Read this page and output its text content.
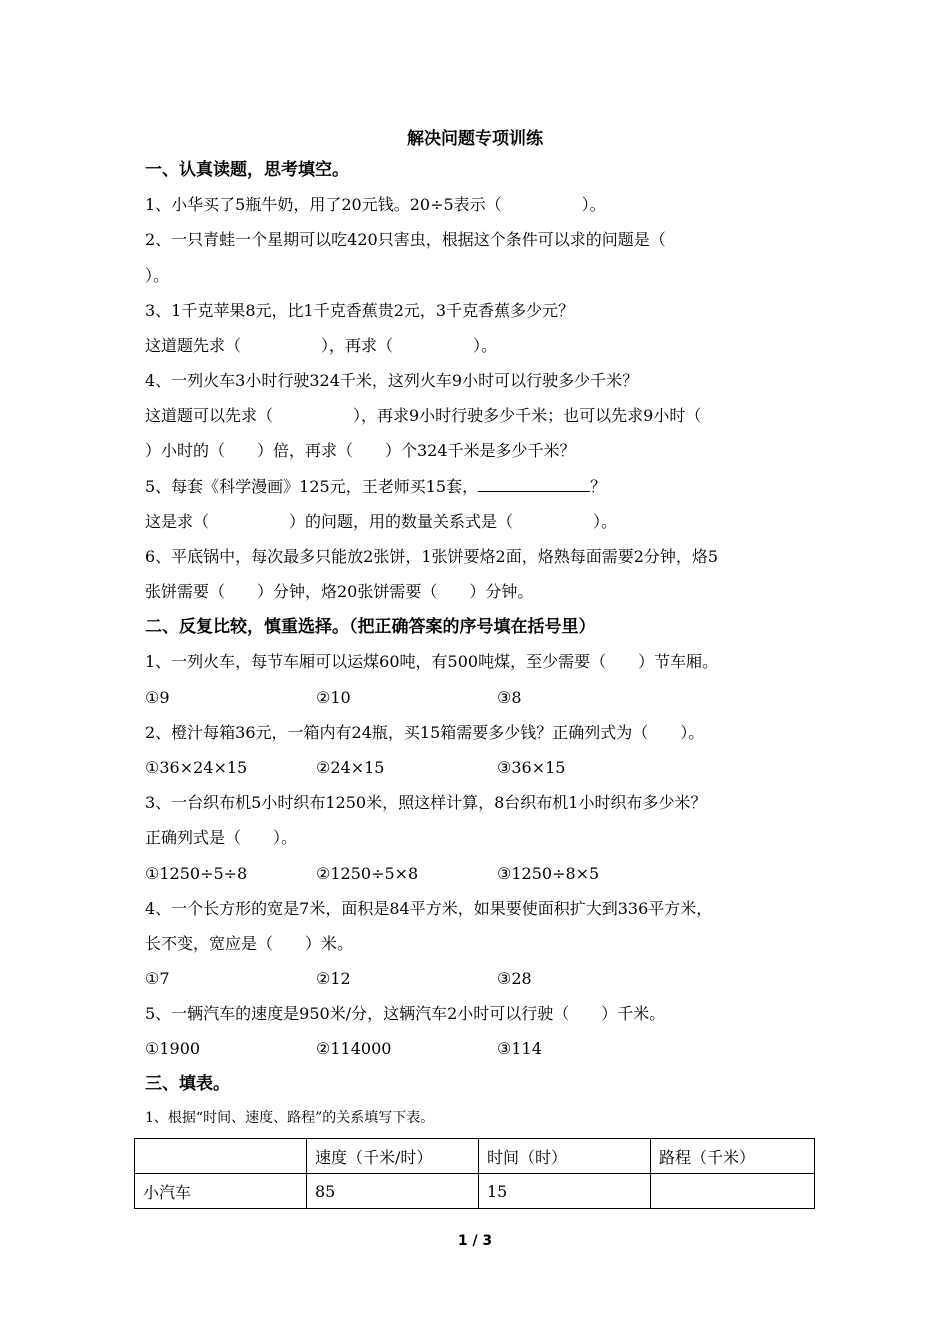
解决问题专项训练
一、认真读题，思考填空。
1、小华买了5瓶牛奶，用了20元钱。20÷5表示（　　　　　）。
2、一只青蛙一个星期可以吃420只害虫，根据这个条件可以求的问题是（
）。
3、1千克苹果8元，比1千克香蕉贵2元，3千克香蕉多少元？
这道题先求（　　　　　），再求（　　　　　）。
4、一列火车3小时行驶324千米，这列火车9小时可以行驶多少千米？
这道题可以先求（　　　　　），再求9小时行驶多少千米；也可以先求9小时（
）小时的（　　）倍，再求（　　）个324千米是多少千米？
5、每套《科学漫画》125元，王老师买15套，	？
这是求（　　　　　）的问题，用的数量关系式是（　　　　　）。
6、平底锅中，每次最多只能放2张饼，1张饼要烙2面，烙熟每面需要2分钟，烙5
张饼需要（　　）分钟，烙20张饼需要（　　）分钟。
二、反复比较，慎重选择。（把正确答案的序号填在括号里）
1、一列火车，每节车厢可以运煤60吨，有500吨煤，至少需要（　　）节车厢。
①9	②10	③8
2、橙汁每箱36元，一箱内有24瓶，买15箱需要多少钱？正确列式为（　　）。
①36×24×15	②24×15	③36×15
3、一台织布机5小时织布1250米，照这样计算，8台织布机1小时织布多少米？
正确列式是（　　）。
①1250÷5÷8	②1250÷5×8	③1250÷8×5
4、一个长方形的宽是7米，面积是84平方米，如果要使面积扩大到336平方米，
长不变，宽应是（　　）米。
①7	②12	③28
5、一辆汽车的速度是950米/分，这辆汽车2小时可以行驶（　　）千米。
①1900	②114000	③114
三、填表。
1、根据“时间、速度、路程”的关系填写下表。
	速度（千米/时）	时间（时）	路程（千米）
小汽车	85	15	
1 / 3
